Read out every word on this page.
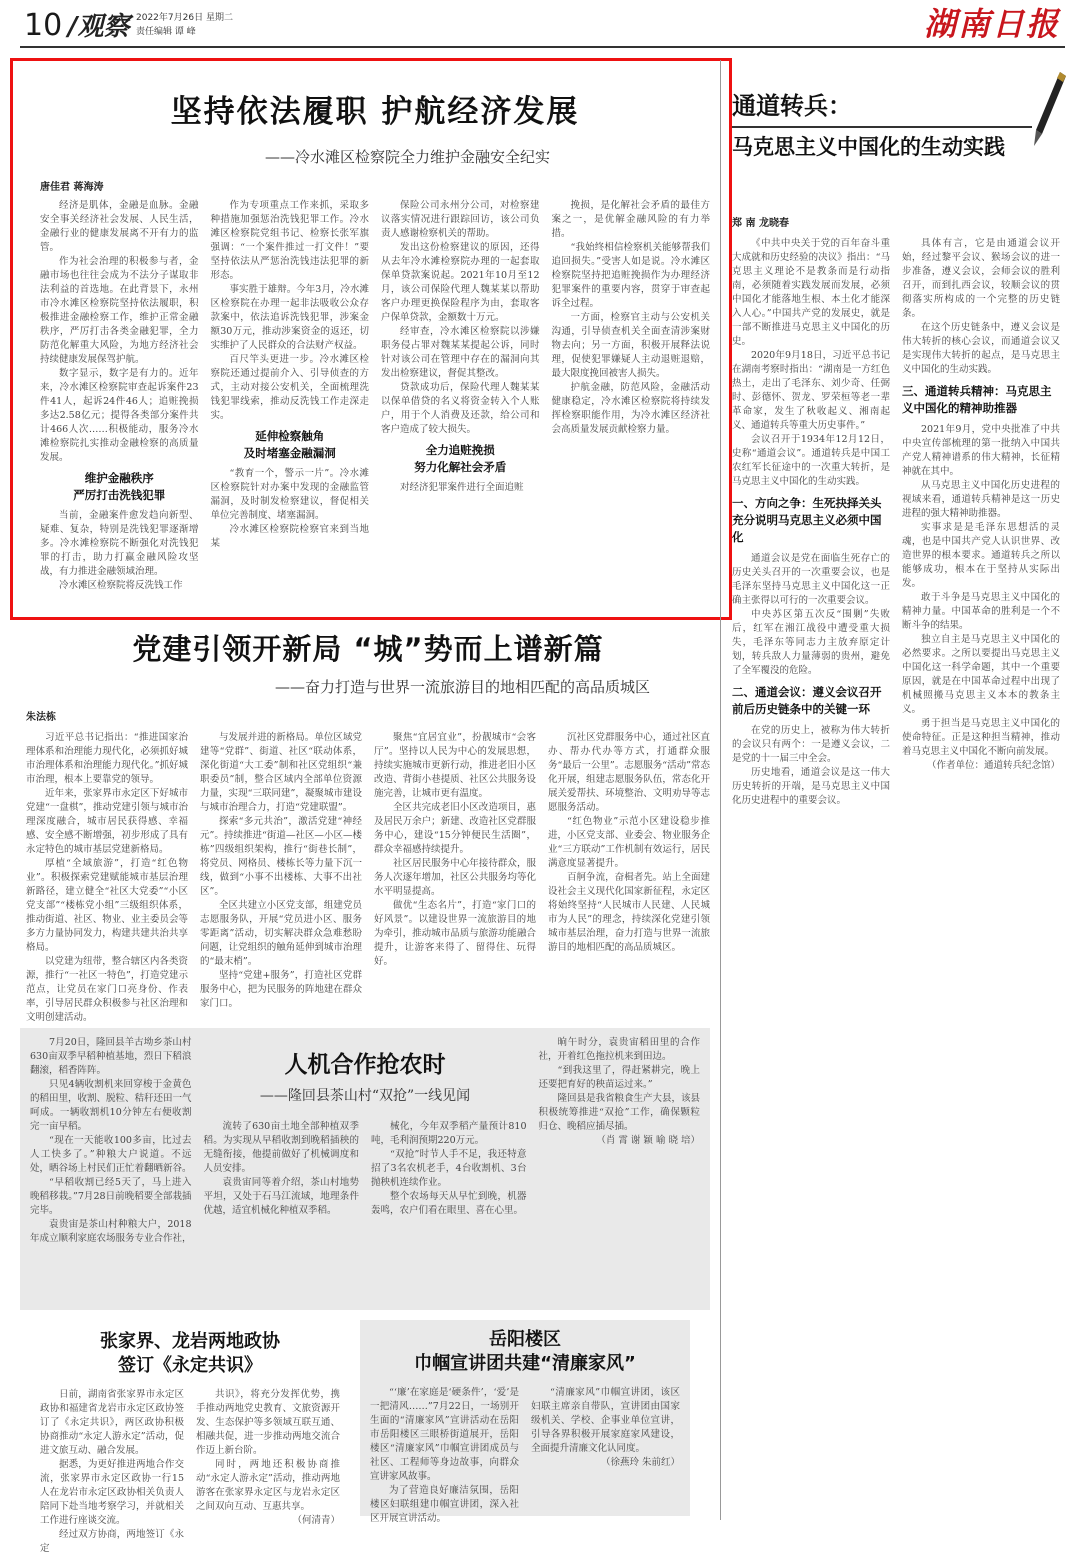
10 /观察 2022年7月26日 星期二
责任编辑 谭 峰	湖南日报
坚持依法履职 护航经济发展
——冷水滩区检察院全力维护金融安全纪实
唐佳君 蒋海涛

经济是肌体，金融是血脉。金融安全事关经济社会发展、人民生活，金融行业的健康发展离不开有力的监管。

作为社会治理的积极参与者，金融市场也往往会成为不法分子谋取非法利益的首选地。在此背景下，永州市冷水滩区检察院坚持依法履职，积极推进金融检察工作，维护正常金融秩序，严厉打击各类金融犯罪，全力防范化解重大风险，为地方经济社会持续健康发展保驾护航。

数字显示，数字是有力的。近年来，冷水滩区检察院审查起诉案件23件41人，起诉24件46人；追赃挽损多达2.58亿元；提得各类部分案件共计466人次……积极能动，服务冷水滩检察院扎实推动金融检察的高质量发展。

维护金融秩序
严厉打击洗钱犯罪

当前，金融案件愈发趋向新型、疑难、复杂，特别是洗钱犯罪逐渐增多。冷水滩检察院不断强化对洗钱犯罪的打击，助力打赢金融风险攻坚战，有力推进金融领域治理。

冷水滩区检察院将反洗钱工作

作为专项重点工作来抓，采取多种措施加强惩治洗钱犯罪工作。冷水滩区检察院党组书记、检察长张军旗强调：“一个案件推过一打文件！”要坚持依法从严惩治洗钱违法犯罪的新形态。

事实胜于雄辩。今年3月，冷水滩区检察院在办理一起非法吸收公众存款案中，依法追诉洗钱犯罪，涉案金额30万元，推动涉案资金的返还，切实维护了人民群众的合法财产权益。

百尺竿头更进一步。冷水滩区检察院还通过提前介入、引导侦查的方式，主动对接公安机关，全面梳理洗钱犯罪线索，推动反洗钱工作走深走实。

延伸检察触角
及时堵塞金融漏洞

“教育一个，警示一片”。冷水滩区检察院针对办案中发现的金融监管漏洞，及时制发检察建议，督促相关单位完善制度、堵塞漏洞。

冷水滩区检察院检察官来到当地某

保险公司永州分公司，对检察建议落实情况进行跟踪回访，该公司负责人感谢检察机关的帮助。

发出这份检察建议的原因，还得从去年冷水滩检察院办理的一起套取保单贷款案说起。2021年10月至12月，该公司保险代理人魏某某以帮助客户办理更换保险程序为由，套取客户保单贷款，金额数十万元。

经审查，冷水滩区检察院以涉嫌职务侵占罪对魏某某提起公诉，同时针对该公司在管理中存在的漏洞向其发出检察建议，督促其整改。

贷款成功后，保险代理人魏某某以保单借贷的名义将资金转入个人账户，用于个人消费及还款，给公司和客户造成了较大损失。

全力追赃挽损
努力化解社会矛盾

对经济犯罪案件进行全面追赃

挽损，是化解社会矛盾的最佳方案之一，是优解金融风险的有力举措。

“我始终相信检察机关能够帮我们追回损失。”受害人如是说。冷水滩区检察院坚持把追赃挽损作为办理经济犯罪案件的重要内容，贯穿于审查起诉全过程。

一方面，检察官主动与公安机关沟通，引导侦查机关全面查清涉案财物去向；另一方面，积极开展释法说理，促使犯罪嫌疑人主动退赃退赔，最大限度挽回被害人损失。

护航金融，防范风险，金融活动健康稳定，冷水滩区检察院将持续发挥检察职能作用，为冷水滩区经济社会高质量发展贡献检察力量。

党建引领开新局 “城”势而上谱新篇
——奋力打造与世界一流旅游目的地相匹配的高品质城区
朱法栋

习近平总书记指出：“推进国家治理体系和治理能力现代化，必须抓好城市治理体系和治理能力现代化。”抓好城市治理，根本上要靠党的领导。

近年来，张家界市永定区下好城市党建“一盘棋”，推动党建引领与城市治理深度融合，城市居民获得感、幸福感、安全感不断增强，初步形成了具有永定特色的城市基层党建新格局。

厚植“全域旅游”，打造“红色物业”。积极探索党建赋能城市基层治理新路径，建立健全“社区大党委”“小区党支部”“楼栋党小组”三级组织体系，推动街道、社区、物业、业主委员会等多方力量协同发力，构建共建共治共享格局。

以党建为纽带，整合辖区内各类资源，推行“一社区一特色”，打造党建示范点，让党员在家门口亮身份、作表率，引导居民群众积极参与社区治理和文明创建活动。

与发展并进的新格局。单位区域党建等“党群”、街道、社区“联动体系，深化街道“大工委”制和社区党组织“兼职委员”制，整合区域内全部单位资源力量，实现“三联同建”，凝聚城市建设与城市治理合力，打造“党建联盟”。

探索“多元共治”，激活党建“神经元”。持续推进“街道—社区—小区—楼栋”四级组织架构，推行“街巷长制”，将党员、网格员、楼栋长等力量下沉一线，做到“小事不出楼栋、大事不出社区”。

全区共建立小区党支部，组建党员志愿服务队，开展“党员进小区、服务零距离”活动，切实解决群众急难愁盼问题，让党组织的触角延伸到城市治理的“最末梢”。

坚持“党建+服务”，打造社区党群服务中心，把为民服务的阵地建在群众家门口。

聚焦“宜居宜业”，扮靓城市“会客厅”。坚持以人民为中心的发展思想，持续实施城市更新行动，推进老旧小区改造、背街小巷提质、社区公共服务设施完善，让城市更有温度。

全区共完成老旧小区改造项目，惠及居民万余户；新建、改造社区党群服务中心，建设“15分钟便民生活圈”，群众幸福感持续提升。

社区居民服务中心年接待群众，服务人次逐年增加，社区公共服务均等化水平明显提高。

做优“生态名片”，打造“家门口的好风景”。以建设世界一流旅游目的地为牵引，推动城市品质与旅游功能融合提升，让游客来得了、留得住、玩得好。

沉社区党群服务中心，通过社区直办、帮办代办等方式，打通群众服务“最后一公里”。志愿服务“活动”常态化开展，组建志愿服务队伍，常态化开展关爱帮扶、环境整治、文明劝导等志愿服务活动。

“红色物业”示范小区建设稳步推进，小区党支部、业委会、物业服务企业“三方联动”工作机制有效运行，居民满意度显著提升。

百舸争流，奋楫者先。站上全面建设社会主义现代化国家新征程，永定区将始终坚持“人民城市人民建、人民城市为人民”的理念，持续深化党建引领城市基层治理，奋力打造与世界一流旅游目的地相匹配的高品质城区。

7月20日，隆回县羊古坳乡茶山村630亩双季早稻种植基地，烈日下稻浪翻滚，稻香阵阵。

只见4辆收割机来回穿梭于金黄色的稻田里，收割、脱粒、秸秆还田一气呵成。一辆收割机10分钟左右便收割完一亩早稻。

“现在一天能收100多亩，比过去人工快多了。”种粮大户说道。不远处，晒谷场上村民们正忙着翻晒新谷。

“早稻收割已经5天了，马上进入晚稻移栽。”7月28日前晚稻要全部栽插完毕。

袁贵宙是茶山村种粮大户，2018年成立顺利家庭农场服务专业合作社，

人机合作抢农时
——隆回县茶山村“双抢”一线见闻

流转了630亩土地全部种植双季稻。为实现从早稻收割到晚稻插秧的无缝衔接，他提前做好了机械调度和人员安排。

袁贵宙同等着介绍，茶山村地势平坦，又处于石马江流域，地理条件优越，适宜机械化种植双季稻。

械化，今年双季稻产量预计810吨，毛利润预期220万元。

“双抢”时节人手不足，我还特意招了3名农机老手，4台收割机、3台抛秧机连续作业。

整个农场每天从早忙到晚，机器轰鸣，农户们看在眼里、喜在心里。

晌午时分，袁贵宙稻田里的合作社，开着红色拖拉机来到田边。

“到我这里了，得赶紧耕完，晚上还要把育好的秧苗运过来。”

隆回县是我省粮食生产大县，该县积极统筹推进“双抢”工作，确保颗粒归仓、晚稻应插尽插。

（肖 霄 谢 颖 喻 晓 培）
张家界、龙岩两地政协
签订《永定共识》

日前，湖南省张家界市永定区政协和福建省龙岩市永定区政协签订了《永定共识》，两区政协积极协商推动“永定人游永定”活动，促进文旅互动、融合发展。

据悉，为更好推进两地合作交流，张家界市永定区政协一行15人在龙岩市永定区政协相关负责人陪同下赴当地考察学习，并就相关工作进行座谈交流。

经过双方协商，两地签订《永定

共识》，将充分发挥优势，携手推动两地党史教育、文旅资源开发、生态保护等多领域互联互通、相融共促，进一步推动两地交流合作迈上新台阶。

同时，两地还积极协商推动“永定人游永定”活动，推动两地游客在张家界永定区与龙岩永定区之间双向互动、互惠共享。

（何清青）
岳阳楼区
巾帼宣讲团共建“清廉家风”

“‘廉’在家庭是‘硬条件’，‘爱’是一把清风……”7月22日，一场别开生面的“清廉家风”宣讲活动在岳阳市岳阳楼区三眼桥街道展开，岳阳楼区“清廉家风”巾帼宣讲团成员与社区、工程师等身边故事，向群众宣讲家风故事。

为了营造良好廉洁氛围，岳阳楼区妇联组建巾帼宣讲团，深入社区开展宣讲活动。

“清廉家风”巾帼宣讲团，该区妇联主席亲自带队，宣讲团由国家级机关、学校、企事业单位宣讲，引导各界积极开展家庭家风建设，全面提升清廉文化认同度。

（徐燕玲 朱前红）
通道转兵：
马克思主义中国化的生动实践
郑 南 龙晓春

《中共中央关于党的百年奋斗重大成就和历史经验的决议》指出：“马克思主义理论不是教条而是行动指南，必须随着实践发展而发展，必须中国化才能落地生根、本土化才能深入人心。”中国共产党的发展史，就是一部不断推进马克思主义中国化的历史。

2020年9月18日，习近平总书记在湖南考察时指出：“湖南是一方红色热土，走出了毛泽东、刘少奇、任弼时、彭德怀、贺龙、罗荣桓等老一辈革命家，发生了秋收起义、湘南起义、通道转兵等重大历史事件。”

会议召开于1934年12月12日，史称“通道会议”。通道转兵是中国工农红军长征途中的一次重大转折，是马克思主义中国化的生动实践。

一、方向之争：生死抉择关头充分说明马克思主义必须中国化

通道会议是党在面临生死存亡的历史关头召开的一次重要会议，也是毛泽东坚持马克思主义中国化这一正确主张得以可行的一次重要会议。

中央苏区第五次反“围剿”失败后，红军在湘江战役中遭受重大损失，毛泽东等同志力主放弃原定计划，转兵敌人力量薄弱的贵州，避免了全军覆没的危险。

二、通道会议：遵义会议召开前后历史链条中的关键一环

在党的历史上，被称为伟大转折的会议只有两个：一是遵义会议，二是党的十一届三中全会。

历史地看，通道会议是这一伟大历史转折的开端，是马克思主义中国化历史进程中的重要会议。

具体有言，它是由通道会议开始，经过黎平会议、猴场会议的进一步准备，遵义会议，会师会议的胜利召开，而到扎西会议，较顺会议的贯彻落实所构成的一个完整的历史链条。

在这个历史链条中，遵义会议是伟大转折的核心会议，而通道会议又是实现伟大转折的起点，是马克思主义中国化的生动实践。

三、通道转兵精神：马克思主义中国化的精神助推器

2021年9月，党中央批准了中共中央宣传部梳理的第一批纳入中国共产党人精神谱系的伟大精神，长征精神就在其中。

从马克思主义中国化历史进程的视域来看，通道转兵精神是这一历史进程的强大精神助推器。

实事求是是毛泽东思想活的灵魂，也是中国共产党人认识世界、改造世界的根本要求。通道转兵之所以能够成功，根本在于坚持从实际出发。

敢于斗争是马克思主义中国化的精神力量。中国革命的胜利是一个不断斗争的结果。

独立自主是马克思主义中国化的必然要求。之所以要提出马克思主义中国化这一科学命题，其中一个重要原因，就是在中国革命过程中出现了机械照搬马克思主义本本的教条主义。

勇于担当是马克思主义中国化的使命特征。正是这种担当精神，推动着马克思主义中国化不断向前发展。

（作者单位：通道转兵纪念馆）
